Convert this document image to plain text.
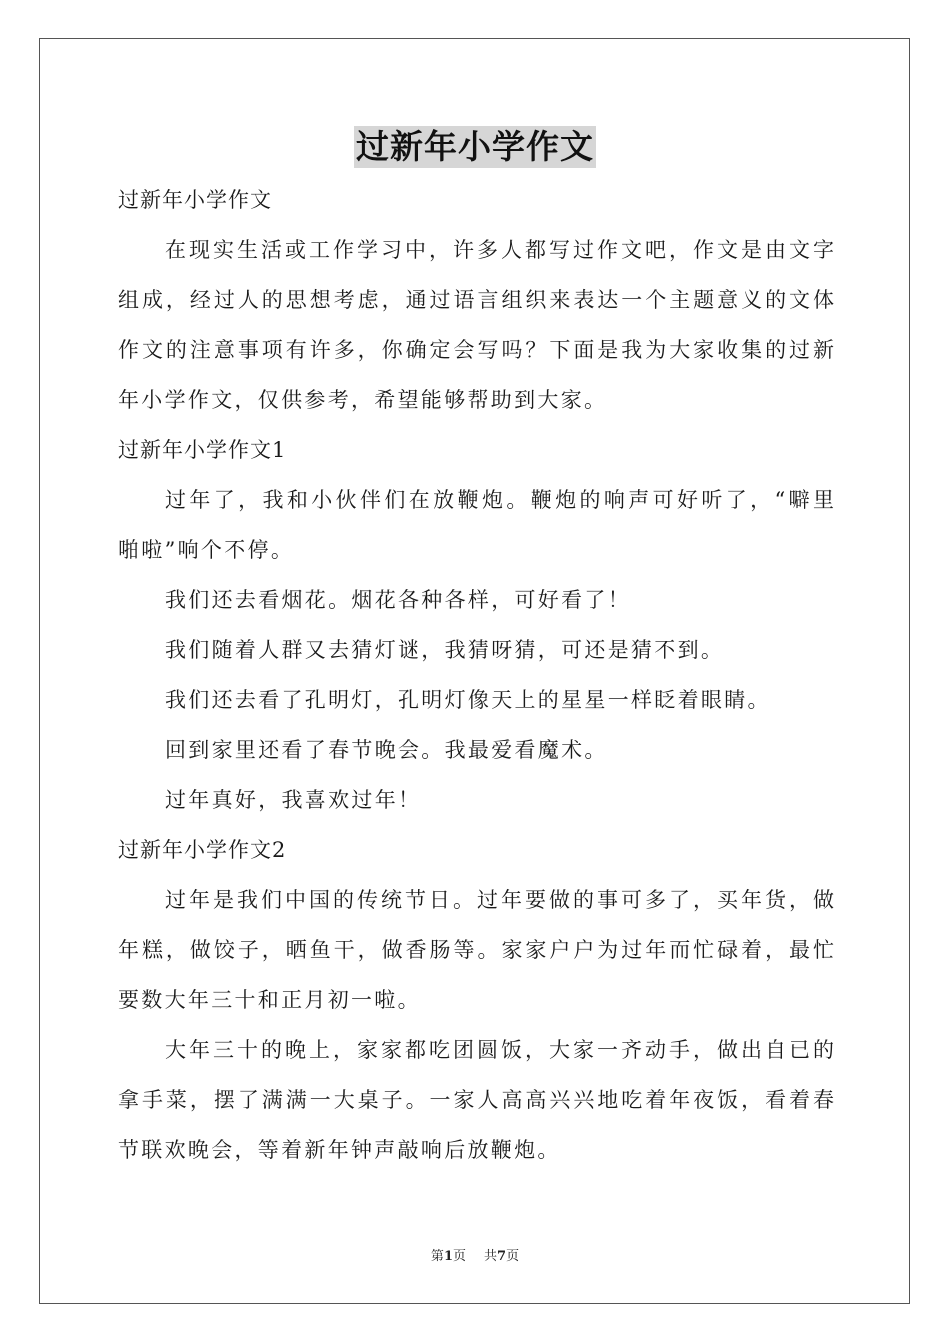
过新年小学作文
过新年小学作文
在现实生活或工作学习中，许多人都写过作文吧，作文是由文字
组成，经过人的思想考虑，通过语言组织来表达一个主题意义的文体
作文的注意事项有许多，你确定会写吗？下面是我为大家收集的过新
年小学作文，仅供参考，希望能够帮助到大家。
过新年小学作文1
过年了，我和小伙伴们在放鞭炮。鞭炮的响声可好听了，“噼里
啪啦”响个不停。
我们还去看烟花。烟花各种各样，可好看了！
我们随着人群又去猜灯谜，我猜呀猜，可还是猜不到。
我们还去看了孔明灯，孔明灯像天上的星星一样眨着眼睛。
回到家里还看了春节晚会。我最爱看魔术。
过年真好，我喜欢过年！
过新年小学作文2
过年是我们中国的传统节日。过年要做的事可多了，买年货，做
年糕，做饺子，晒鱼干，做香肠等。家家户户为过年而忙碌着，最忙
要数大年三十和正月初一啦。
大年三十的晚上，家家都吃团圆饭，大家一齐动手，做出自已的
拿手菜，摆了满满一大桌子。一家人高高兴兴地吃着年夜饭，看着春
节联欢晚会，等着新年钟声敲响后放鞭炮。
第1页 共7页
